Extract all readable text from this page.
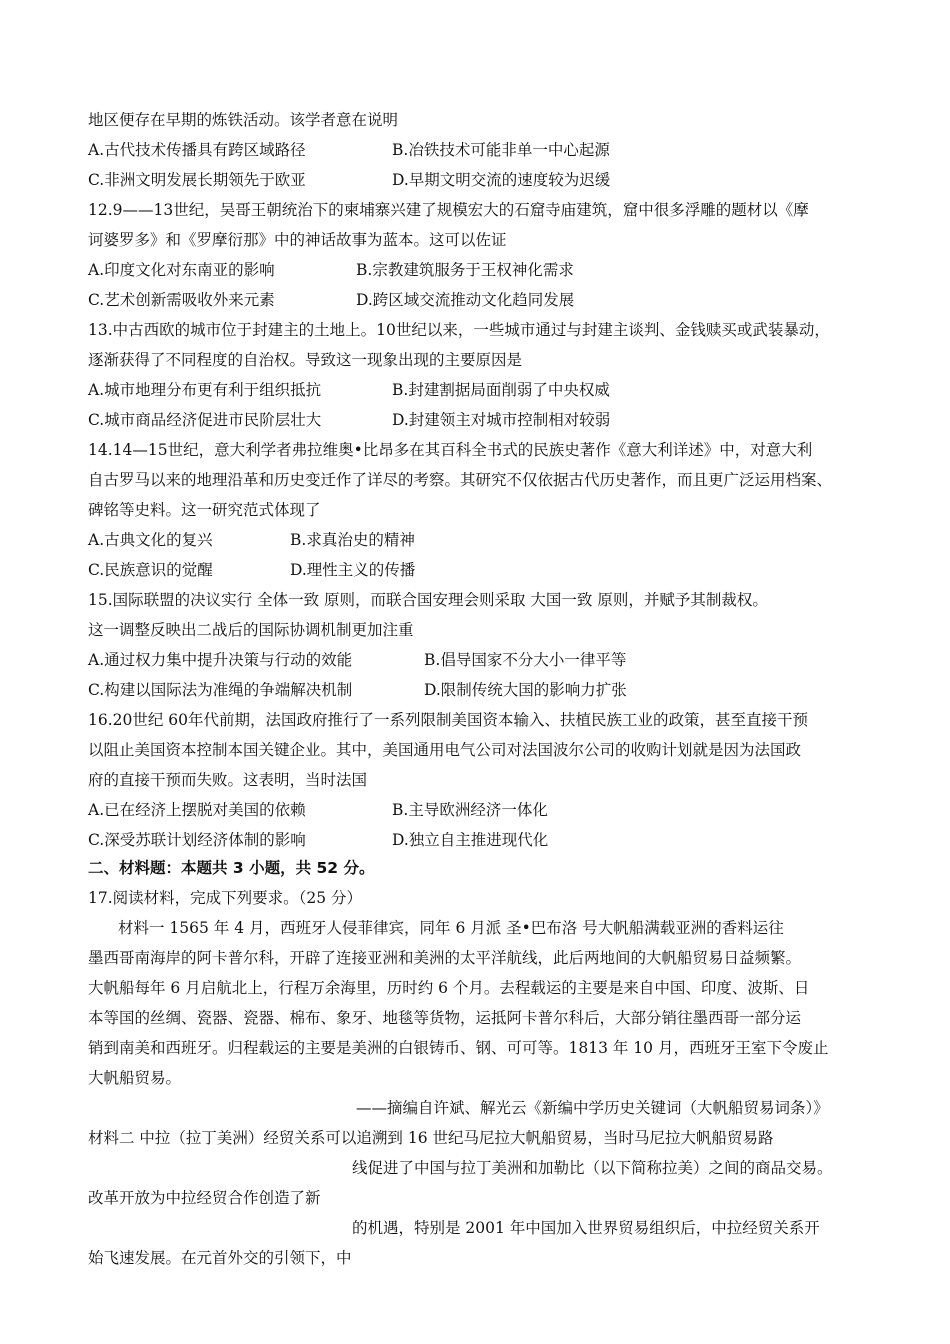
地区便存在早期的炼铁活动。该学者意在说明
A.古代技术传播具有跨区域路径	B.冶铁技术可能非单一中心起源
C.非洲文明发展长期领先于欧亚	D.早期文明交流的速度较为迟缓
12.9——13世纪，吴哥王朝统治下的柬埔寨兴建了规模宏大的石窟寺庙建筑，窟中很多浮雕的题材以《摩
诃婆罗多》和《罗摩衍那》中的神话故事为蓝本。这可以佐证
A.印度文化对东南亚的影响	B.宗教建筑服务于王权神化需求
C.艺术创新需吸收外来元素	D.跨区域交流推动文化趋同发展
13.中古西欧的城市位于封建主的土地上。10世纪以来，一些城市通过与封建主谈判、金钱赎买或武装暴动，
逐渐获得了不同程度的自治权。导致这一现象出现的主要原因是
A.城市地理分布更有利于组织抵抗	B.封建割据局面削弱了中央权威
C.城市商品经济促进市民阶层壮大	D.封建领主对城市控制相对较弱
14.14—15世纪，意大利学者弗拉维奥•比昂多在其百科全书式的民族史著作《意大利详述》中，对意大利
自古罗马以来的地理沿革和历史变迁作了详尽的考察。其研究不仅依据古代历史著作，而且更广泛运用档案、
碑铭等史料。这一研究范式体现了
A.古典文化的复兴	B.求真治史的精神
C.民族意识的觉醒	D.理性主义的传播
15.国际联盟的决议实行 全体一致 原则，而联合国安理会则采取 大国一致 原则，并赋予其制裁权。
这一调整反映出二战后的国际协调机制更加注重
A.通过权力集中提升决策与行动的效能	B.倡导国家不分大小一律平等
C.构建以国际法为准绳的争端解决机制	D.限制传统大国的影响力扩张
16.20世纪 60年代前期，法国政府推行了一系列限制美国资本输入、扶植民族工业的政策，甚至直接干预
以阻止美国资本控制本国关键企业。其中，美国通用电气公司对法国波尔公司的收购计划就是因为法国政
府的直接干预而失败。这表明，当时法国
A.已在经济上摆脱对美国的依赖	B.主导欧洲经济一体化
C.深受苏联计划经济体制的影响	D.独立自主推进现代化
二、材料题：本题共 3 小题，共 52 分。
17.阅读材料，完成下列要求。（25 分）
材料一 1565 年 4 月，西班牙人侵菲律宾，同年 6 月派 圣•巴布洛 号大帆船满载亚洲的香料运往
墨西哥南海岸的阿卡普尔科，开辟了连接亚洲和美洲的太平洋航线，此后两地间的大帆船贸易日益频繁。
大帆船每年 6 月启航北上，行程万余海里，历时约 6 个月。去程载运的主要是来自中国、印度、波斯、日
本等国的丝绸、瓷器、瓷器、棉布、象牙、地毯等货物，运抵阿卡普尔科后，大部分销往墨西哥一部分运
销到南美和西班牙。归程载运的主要是美洲的白银铸币、钢、可可等。1813 年 10 月，西班牙王室下令废止
大帆船贸易。
——摘编自许斌、解光云《新编中学历史关键词（大帆船贸易词条）》
材料二 中拉（拉丁美洲）经贸关系可以追溯到 16 世纪马尼拉大帆船贸易，当时马尼拉大帆船贸易路
线促进了中国与拉丁美洲和加勒比（以下简称拉美）之间的商品交易。
改革开放为中拉经贸合作创造了新
的机遇，特别是 2001 年中国加入世界贸易组织后，中拉经贸关系开
始飞速发展。在元首外交的引领下，中
